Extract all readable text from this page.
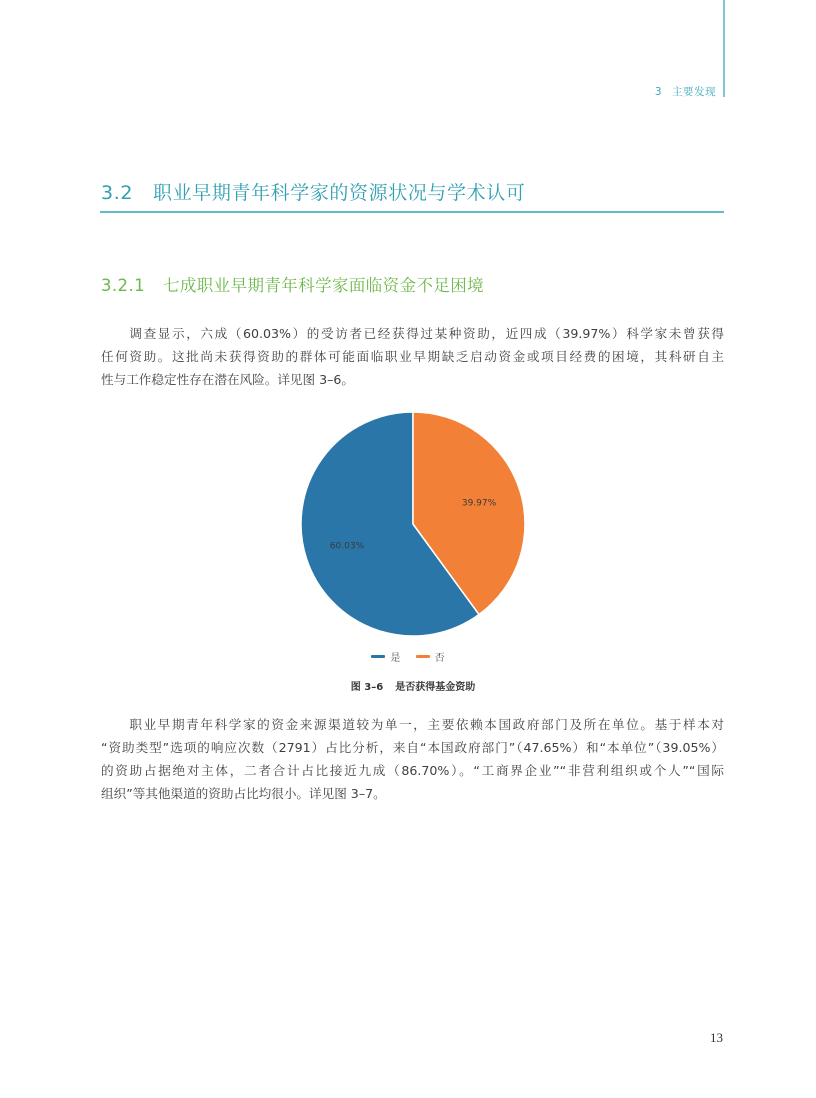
3 主要发现
3.2 职业早期青年科学家的资源状况与学术认可
3.2.1 七成职业早期青年科学家面临资金不足困境
　　调查显示，六成（60.03%）的受访者已经获得过某种资助，近四成（39.97%）科学家未曾获得
任何资助。这批尚未获得资助的群体可能面临职业早期缺乏启动资金或项目经费的困境，其科研自主
性与工作稳定性存在潜在风险。详见图 3–6。
60.03%
39.97%
是
	否
图 3–6 是否获得基金资助
　　职业早期青年科学家的资金来源渠道较为单一，主要依赖本国政府部门及所在单位。基于样本对
“资助类型”选项的响应次数（2791）占比分析，来自“本国政府部门”（47.65%）和“本单位”（39.05%）
的资助占据绝对主体，二者合计占比接近九成（86.70%）。“工商界企业”“非营利组织或个人”“国际
组织”等其他渠道的资助占比均很小。详见图 3–7。
13
